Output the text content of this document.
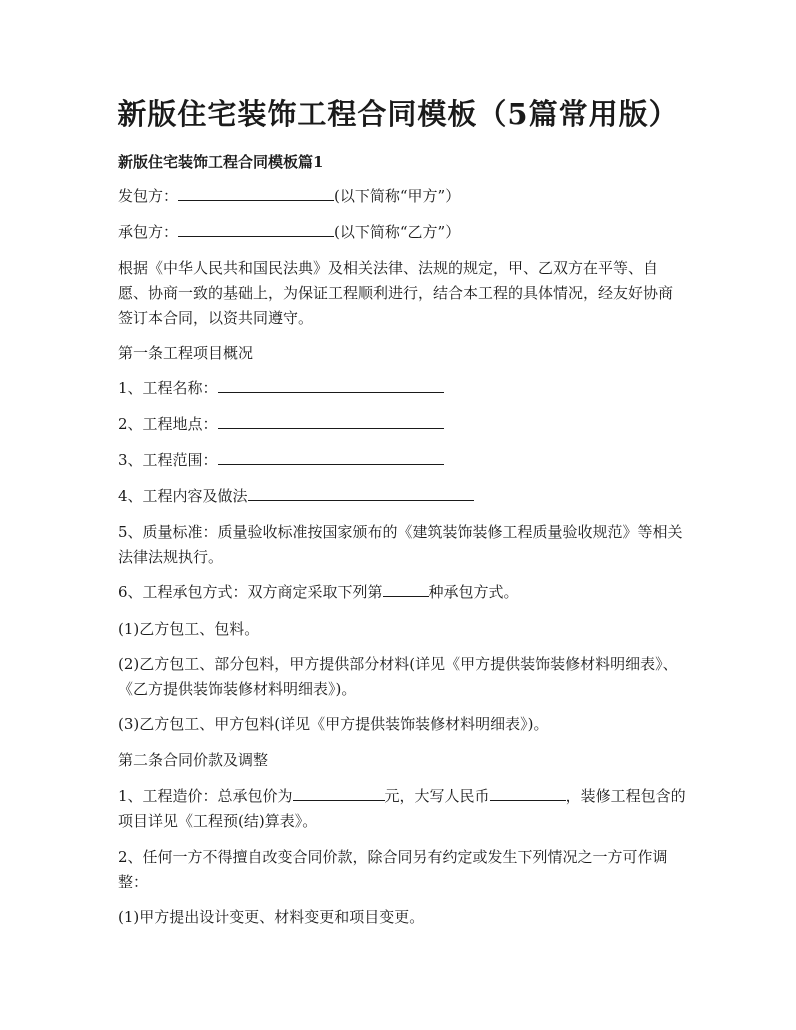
新版住宅装饰工程合同模板（5篇常用版）
新版住宅装饰工程合同模板篇1
发包方：	(以下简称“甲方”）
承包方：	(以下简称“乙方”）
根据《中华人民共和国民法典》及相关法律、法规的规定，甲、乙双方在平等、自愿、协商一致的基础上，为保证工程顺利进行，结合本工程的具体情况，经友好协商签订本合同，以资共同遵守。
第一条工程项目概况
1、工程名称：
2、工程地点：
3、工程范围：
4、工程内容及做法
5、质量标准：质量验收标准按国家颁布的《建筑装饰装修工程质量验收规范》等相关法律法规执行。
6、工程承包方式：双方商定采取下列第	种承包方式。
(1)乙方包工、包料。
(2)乙方包工、部分包料，甲方提供部分材料(详见《甲方提供装饰装修材料明细表》、《乙方提供装饰装修材料明细表》)。
(3)乙方包工、甲方包料(详见《甲方提供装饰装修材料明细表》)。
第二条合同价款及调整
1、工程造价：总承包价为	元，大写人民币	，装修工程包含的项目详见《工程预(结)算表》。
2、任何一方不得擅自改变合同价款，除合同另有约定或发生下列情况之一方可作调整：
(1)甲方提出设计变更、材料变更和项目变更。
